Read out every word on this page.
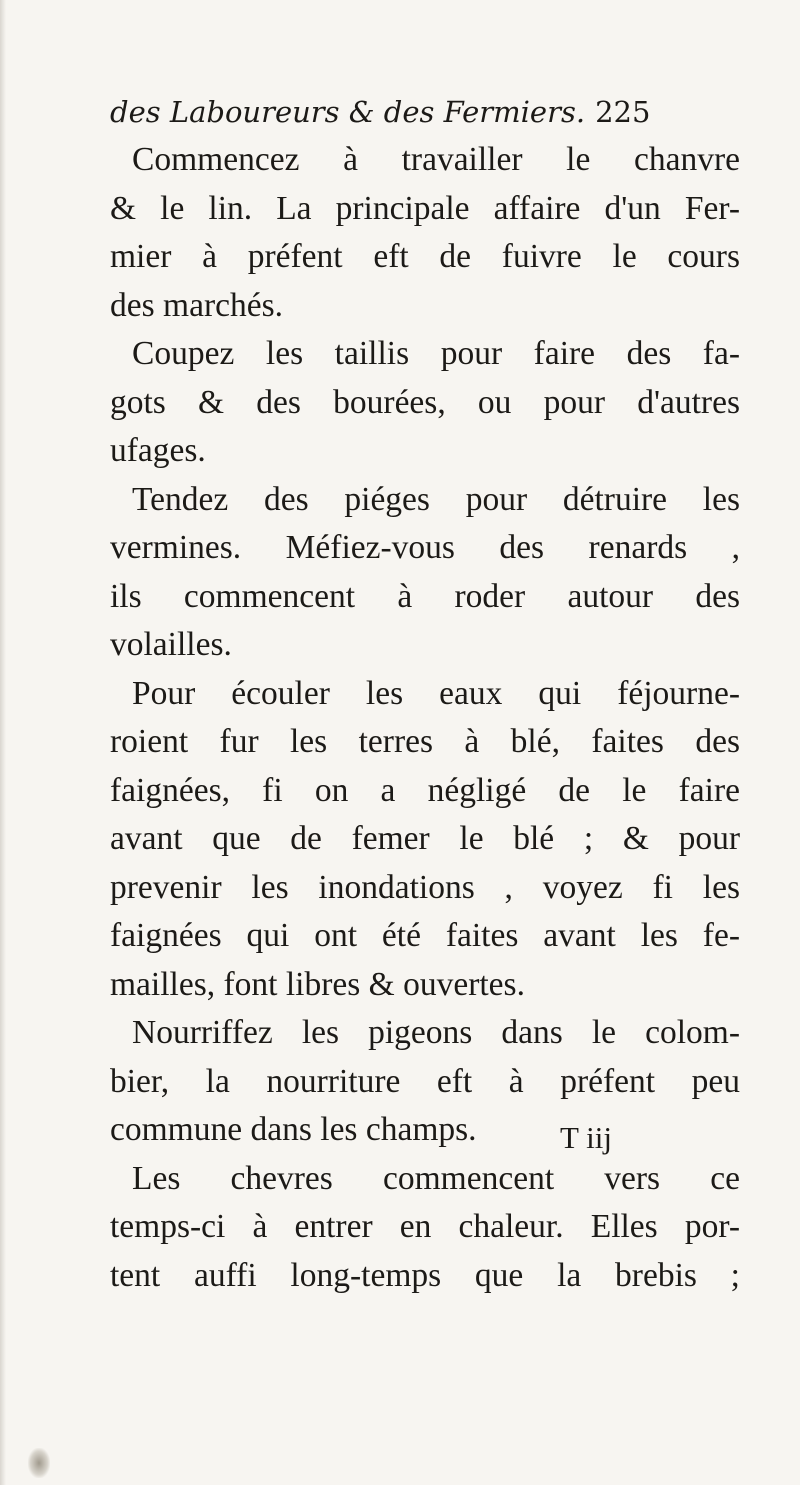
des Laboureurs & des Fermiers. 225
Commencez à travailler le chanvre
& le lin. La principale affaire d'un Fer-
mier à préfent eft de fuivre le cours
des marchés.
Coupez les taillis pour faire des fa-
gots & des bourées, ou pour d'autres
ufages.
Tendez des piéges pour détruire les
vermines. Méfiez-vous des renards ,
ils commencent à roder autour des
volailles.
Pour écouler les eaux qui féjourne-
roient fur les terres à blé, faites des
faignées, fi on a négligé de le faire
avant que de femer le blé ; & pour
prevenir les inondations , voyez fi les
faignées qui ont été faites avant les fe-
mailles, font libres & ouvertes.
Nourriffez les pigeons dans le colom-
bier, la nourriture eft à préfent peu
commune dans les champs.
Les chevres commencent vers ce
temps-ci à entrer en chaleur. Elles por-
tent auffi long-temps que la brebis ;
T iij
